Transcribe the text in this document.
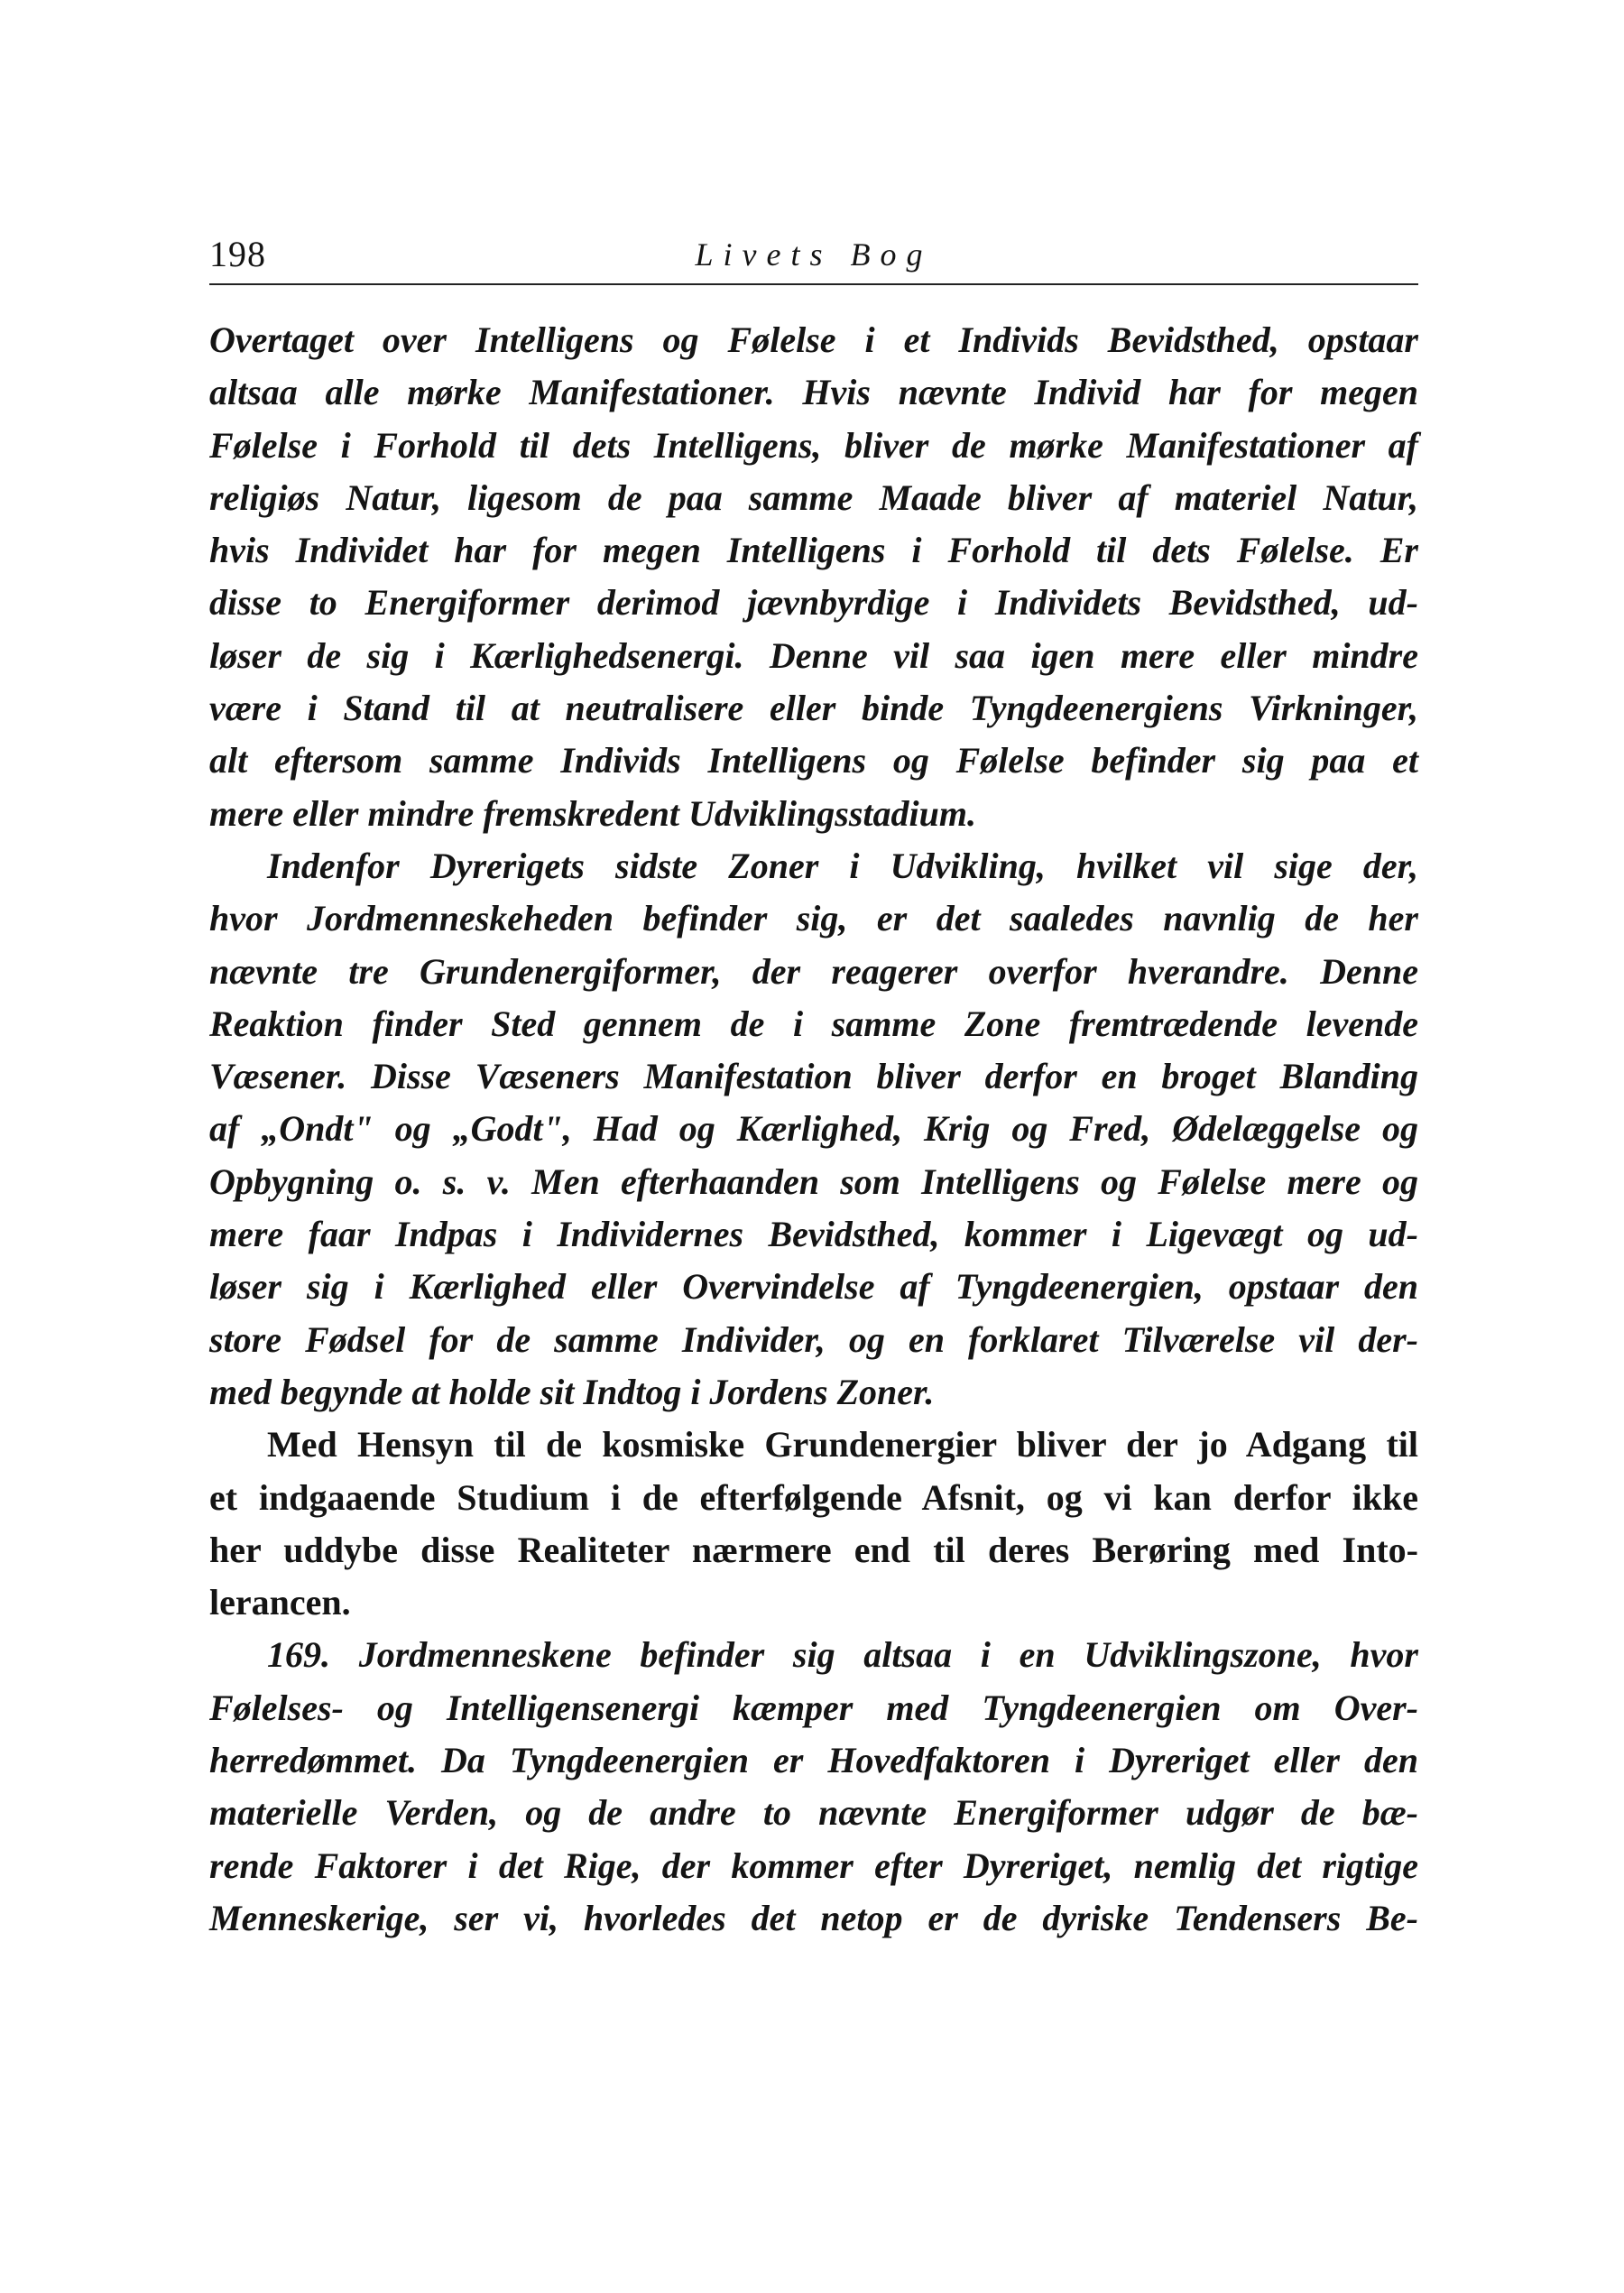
198	Livets Bog
Overtaget over Intelligens og Følelse i et Individs Bevidsthed, opstaar
altsaa alle mørke Manifestationer. Hvis nævnte Individ har for megen
Følelse i Forhold til dets Intelligens, bliver de mørke Manifestationer af
religiøs Natur, ligesom de paa samme Maade bliver af materiel Natur,
hvis Individet har for megen Intelligens i Forhold til dets Følelse. Er
disse to Energiformer derimod jævnbyrdige i Individets Bevidsthed, ud-
løser de sig i Kærlighedsenergi. Denne vil saa igen mere eller mindre
være i Stand til at neutralisere eller binde Tyngdeenergiens Virkninger,
alt eftersom samme Individs Intelligens og Følelse befinder sig paa et
mere eller mindre fremskredent Udviklingsstadium.
Indenfor Dyrerigets sidste Zoner i Udvikling, hvilket vil sige der,
hvor Jordmenneskeheden befinder sig, er det saaledes navnlig de her
nævnte tre Grundenergiformer, der reagerer overfor hverandre. Denne
Reaktion finder Sted gennem de i samme Zone fremtrædende levende
Væsener. Disse Væseners Manifestation bliver derfor en broget Blanding
af „Ondt" og „Godt", Had og Kærlighed, Krig og Fred, Ødelæggelse og
Opbygning o. s. v. Men efterhaanden som Intelligens og Følelse mere og
mere faar Indpas i Individernes Bevidsthed, kommer i Ligevægt og ud-
løser sig i Kærlighed eller Overvindelse af Tyngdeenergien, opstaar den
store Fødsel for de samme Individer, og en forklaret Tilværelse vil der-
med begynde at holde sit Indtog i Jordens Zoner.
Med Hensyn til de kosmiske Grundenergier bliver der jo Adgang til
et indgaaende Studium i de efterfølgende Afsnit, og vi kan derfor ikke
her uddybe disse Realiteter nærmere end til deres Berøring med Into-
lerancen.
169. Jordmenneskene befinder sig altsaa i en Udviklingszone, hvor
Følelses- og Intelligensenergi kæmper med Tyngdeenergien om Over-
herredømmet. Da Tyngdeenergien er Hovedfaktoren i Dyreriget eller den
materielle Verden, og de andre to nævnte Energiformer udgør de bæ-
rende Faktorer i det Rige, der kommer efter Dyreriget, nemlig det rigtige
Menneskerige, ser vi, hvorledes det netop er de dyriske Tendensers Be-
